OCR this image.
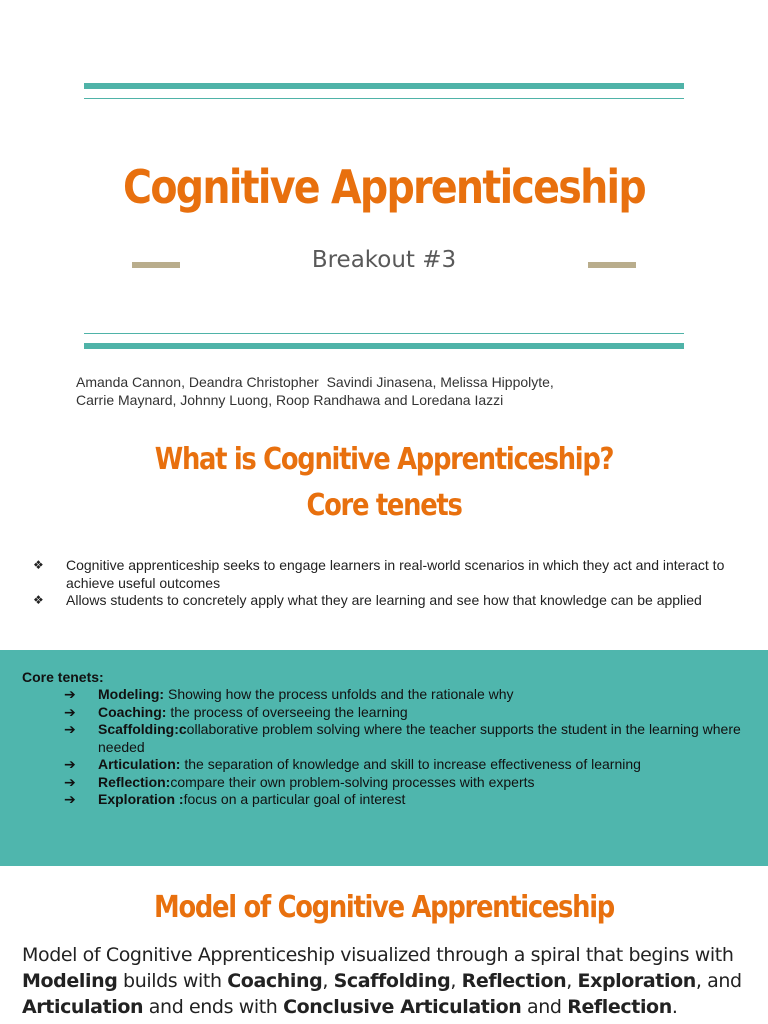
Cognitive Apprenticeship
Breakout #3
Amanda Cannon, Deandra Christopher  Savindi Jinasena, Melissa Hippolyte,
Carrie Maynard, Johnny Luong, Roop Randhawa and Loredana Iazzi
What is Cognitive Apprenticeship?
Core tenets
❖ Cognitive apprenticeship seeks to engage learners in real-world scenarios in which they act and interact to achieve useful outcomes
❖ Allows students to concretely apply what they are learning and see how that knowledge can be applied
Core tenets:
➔ Modeling: Showing how the process unfolds and the rationale why
➔ Coaching: the process of overseeing the learning
➔ Scaffolding:collaborative problem solving where the teacher supports the student in the learning where needed
➔ Articulation: the separation of knowledge and skill to increase effectiveness of learning
➔ Reflection:compare their own problem-solving processes with experts
➔ Exploration :focus on a particular goal of interest
Model of Cognitive Apprenticeship
Model of Cognitive Apprenticeship visualized through a spiral that begins with Modeling builds with Coaching, Scaffolding, Reflection, Exploration, and Articulation and ends with Conclusive Articulation and Reflection.
